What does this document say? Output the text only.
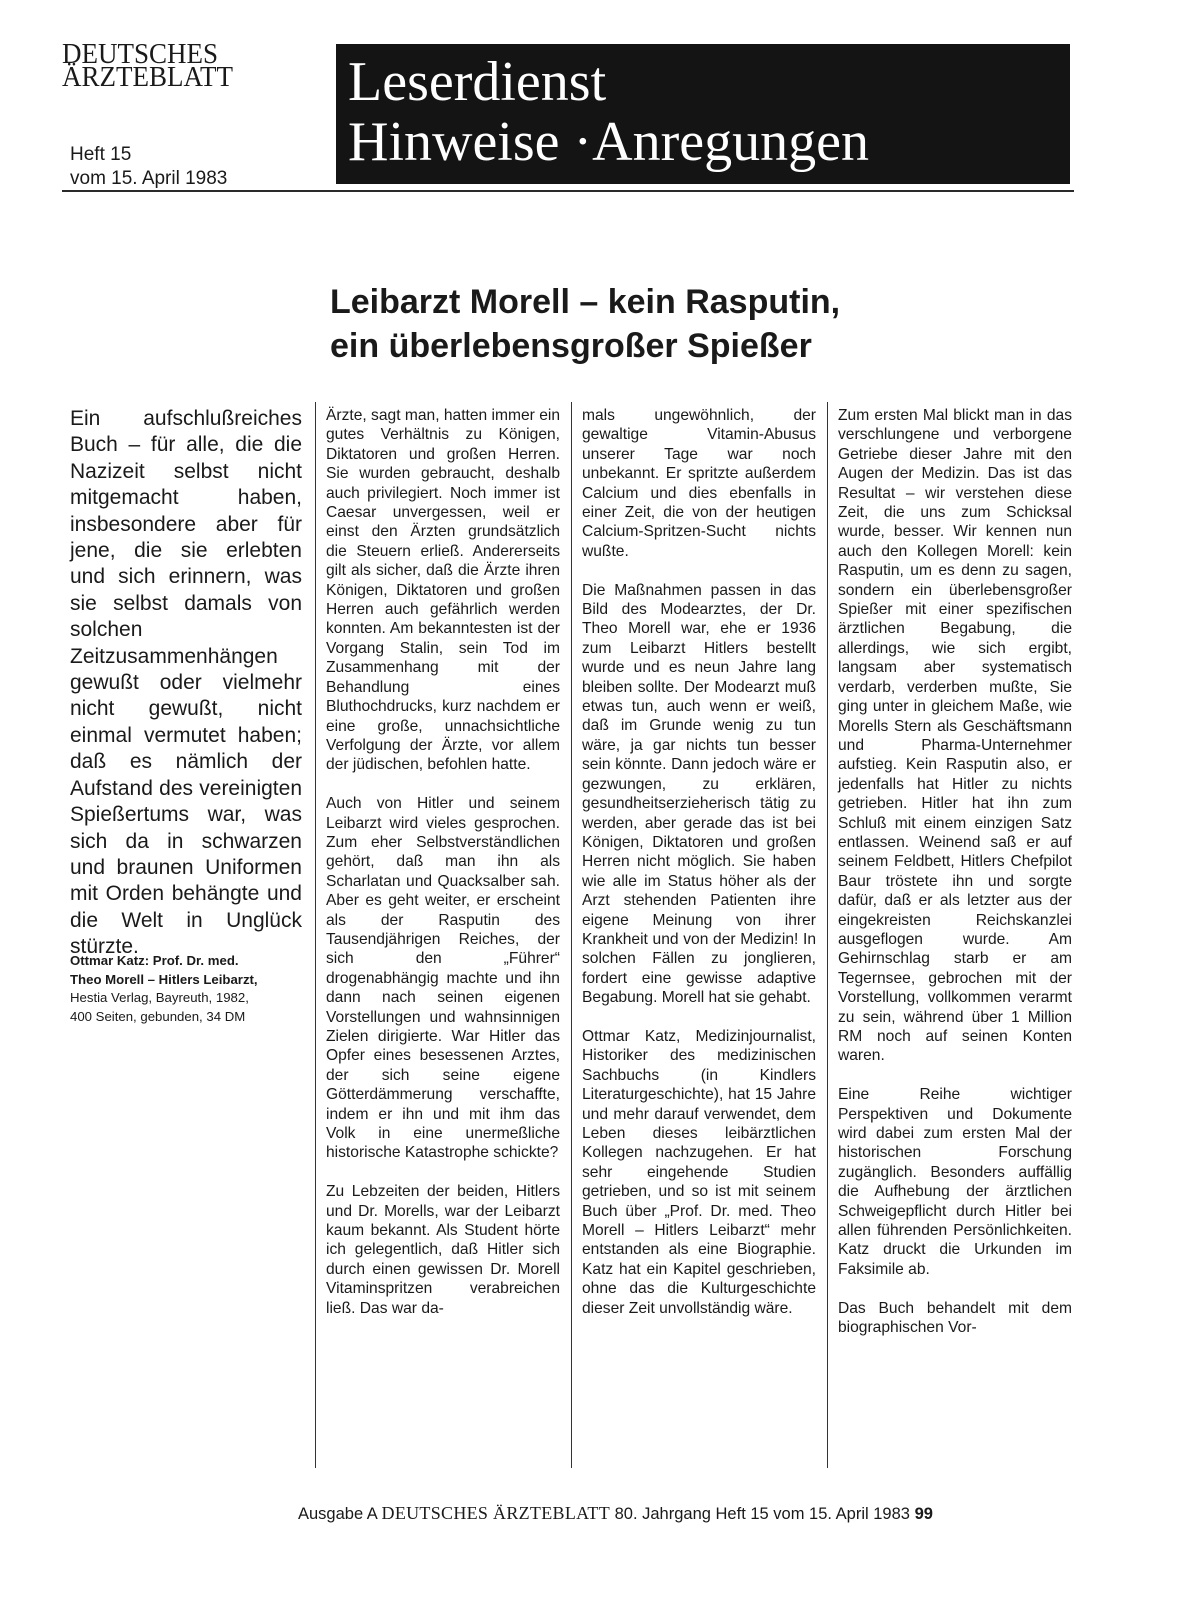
DEUTSCHES
ÄRZTEBLATT
Heft 15
vom 15. April 1983
Leserdienst
Hinweise ·Anregungen
Leibarzt Morell – kein Rasputin,
ein überlebensgroßer Spießer

Ein aufschlußreiches Buch – für alle, die die Nazizeit selbst nicht mitgemacht haben, insbesondere aber für jene, die sie erlebten und sich erinnern, was sie selbst damals von solchen Zeitzusammenhängen gewußt oder vielmehr nicht gewußt, nicht einmal vermutet haben; daß es nämlich der Aufstand des vereinigten Spießertums war, was sich da in schwarzen und braunen Uniformen mit Orden behängte und die Welt in Unglück stürzte.

Ottmar Katz: Prof. Dr. med.
Theo Morell – Hitlers Leibarzt,
Hestia Verlag, Bayreuth, 1982,
400 Seiten, gebunden, 34 DM

Ärzte, sagt man, hatten immer ein gutes Verhältnis zu Königen, Diktatoren und großen Herren. Sie wurden gebraucht, deshalb auch privilegiert. Noch immer ist Caesar unvergessen, weil er einst den Ärzten grundsätzlich die Steuern erließ. Andererseits gilt als sicher, daß die Ärzte ihren Königen, Diktatoren und großen Herren auch gefährlich werden konnten. Am bekanntesten ist der Vorgang Stalin, sein Tod im Zusammenhang mit der Behandlung eines Bluthochdrucks, kurz nachdem er eine große, unnachsichtliche Verfolgung der Ärzte, vor allem der jüdischen, befohlen hatte.

Auch von Hitler und seinem Leibarzt wird vieles gesprochen. Zum eher Selbstverständlichen gehört, daß man ihn als Scharlatan und Quacksalber sah. Aber es geht weiter, er erscheint als der Rasputin des Tausendjährigen Reiches, der sich den „Führer“ drogenabhängig machte und ihn dann nach seinen eigenen Vorstellungen und wahnsinnigen Zielen dirigierte. War Hitler das Opfer eines besessenen Arztes, der sich seine eigene Götterdämmerung verschaffte, indem er ihn und mit ihm das Volk in eine unermeßliche historische Katastrophe schickte?

Zu Lebzeiten der beiden, Hitlers und Dr. Morells, war der Leibarzt kaum bekannt. Als Student hörte ich gelegentlich, daß Hitler sich durch einen gewissen Dr. Morell Vitaminspritzen verabreichen ließ. Das war da-

mals ungewöhnlich, der gewaltige Vitamin-Abusus unserer Tage war noch unbekannt. Er spritzte außerdem Calcium und dies ebenfalls in einer Zeit, die von der heutigen Calcium-Spritzen-Sucht nichts wußte.

Die Maßnahmen passen in das Bild des Modearztes, der Dr. Theo Morell war, ehe er 1936 zum Leibarzt Hitlers bestellt wurde und es neun Jahre lang bleiben sollte. Der Modearzt muß etwas tun, auch wenn er weiß, daß im Grunde wenig zu tun wäre, ja gar nichts tun besser sein könnte. Dann jedoch wäre er gezwungen, zu erklären, gesundheitserzieherisch tätig zu werden, aber gerade das ist bei Königen, Diktatoren und großen Herren nicht möglich. Sie haben wie alle im Status höher als der Arzt stehenden Patienten ihre eigene Meinung von ihrer Krankheit und von der Medizin! In solchen Fällen zu jonglieren, fordert eine gewisse adaptive Begabung. Morell hat sie gehabt.

Ottmar Katz, Medizinjournalist, Historiker des medizinischen Sachbuchs (in Kindlers Literaturgeschichte), hat 15 Jahre und mehr darauf verwendet, dem Leben dieses leibärztlichen Kollegen nachzugehen. Er hat sehr eingehende Studien getrieben, und so ist mit seinem Buch über „Prof. Dr. med. Theo Morell – Hitlers Leibarzt“ mehr entstanden als eine Biographie. Katz hat ein Kapitel geschrieben, ohne das die Kulturgeschichte dieser Zeit unvollständig wäre.

Zum ersten Mal blickt man in das verschlungene und verborgene Getriebe dieser Jahre mit den Augen der Medizin. Das ist das Resultat – wir verstehen diese Zeit, die uns zum Schicksal wurde, besser. Wir kennen nun auch den Kollegen Morell: kein Rasputin, um es denn zu sagen, sondern ein überlebensgroßer Spießer mit einer spezifischen ärztlichen Begabung, die allerdings, wie sich ergibt, langsam aber systematisch verdarb, verderben mußte, Sie ging unter in gleichem Maße, wie Morells Stern als Geschäftsmann und Pharma-Unternehmer aufstieg. Kein Rasputin also, er jedenfalls hat Hitler zu nichts getrieben. Hitler hat ihn zum Schluß mit einem einzigen Satz entlassen. Weinend saß er auf seinem Feldbett, Hitlers Chefpilot Baur tröstete ihn und sorgte dafür, daß er als letzter aus der eingekreisten Reichskanzlei ausgeflogen wurde. Am Gehirnschlag starb er am Tegernsee, gebrochen mit der Vorstellung, vollkommen verarmt zu sein, während über 1 Million RM noch auf seinen Konten waren.

Eine Reihe wichtiger Perspektiven und Dokumente wird dabei zum ersten Mal der historischen Forschung zugänglich. Besonders auffällig die Aufhebung der ärztlichen Schweigepflicht durch Hitler bei allen führenden Persönlichkeiten. Katz druckt die Urkunden im Faksimile ab.

Das Buch behandelt mit dem biographischen Vor-

Ausgabe A DEUTSCHES ÄRZTEBLATT 80. Jahrgang Heft 15 vom 15. April 1983 99
